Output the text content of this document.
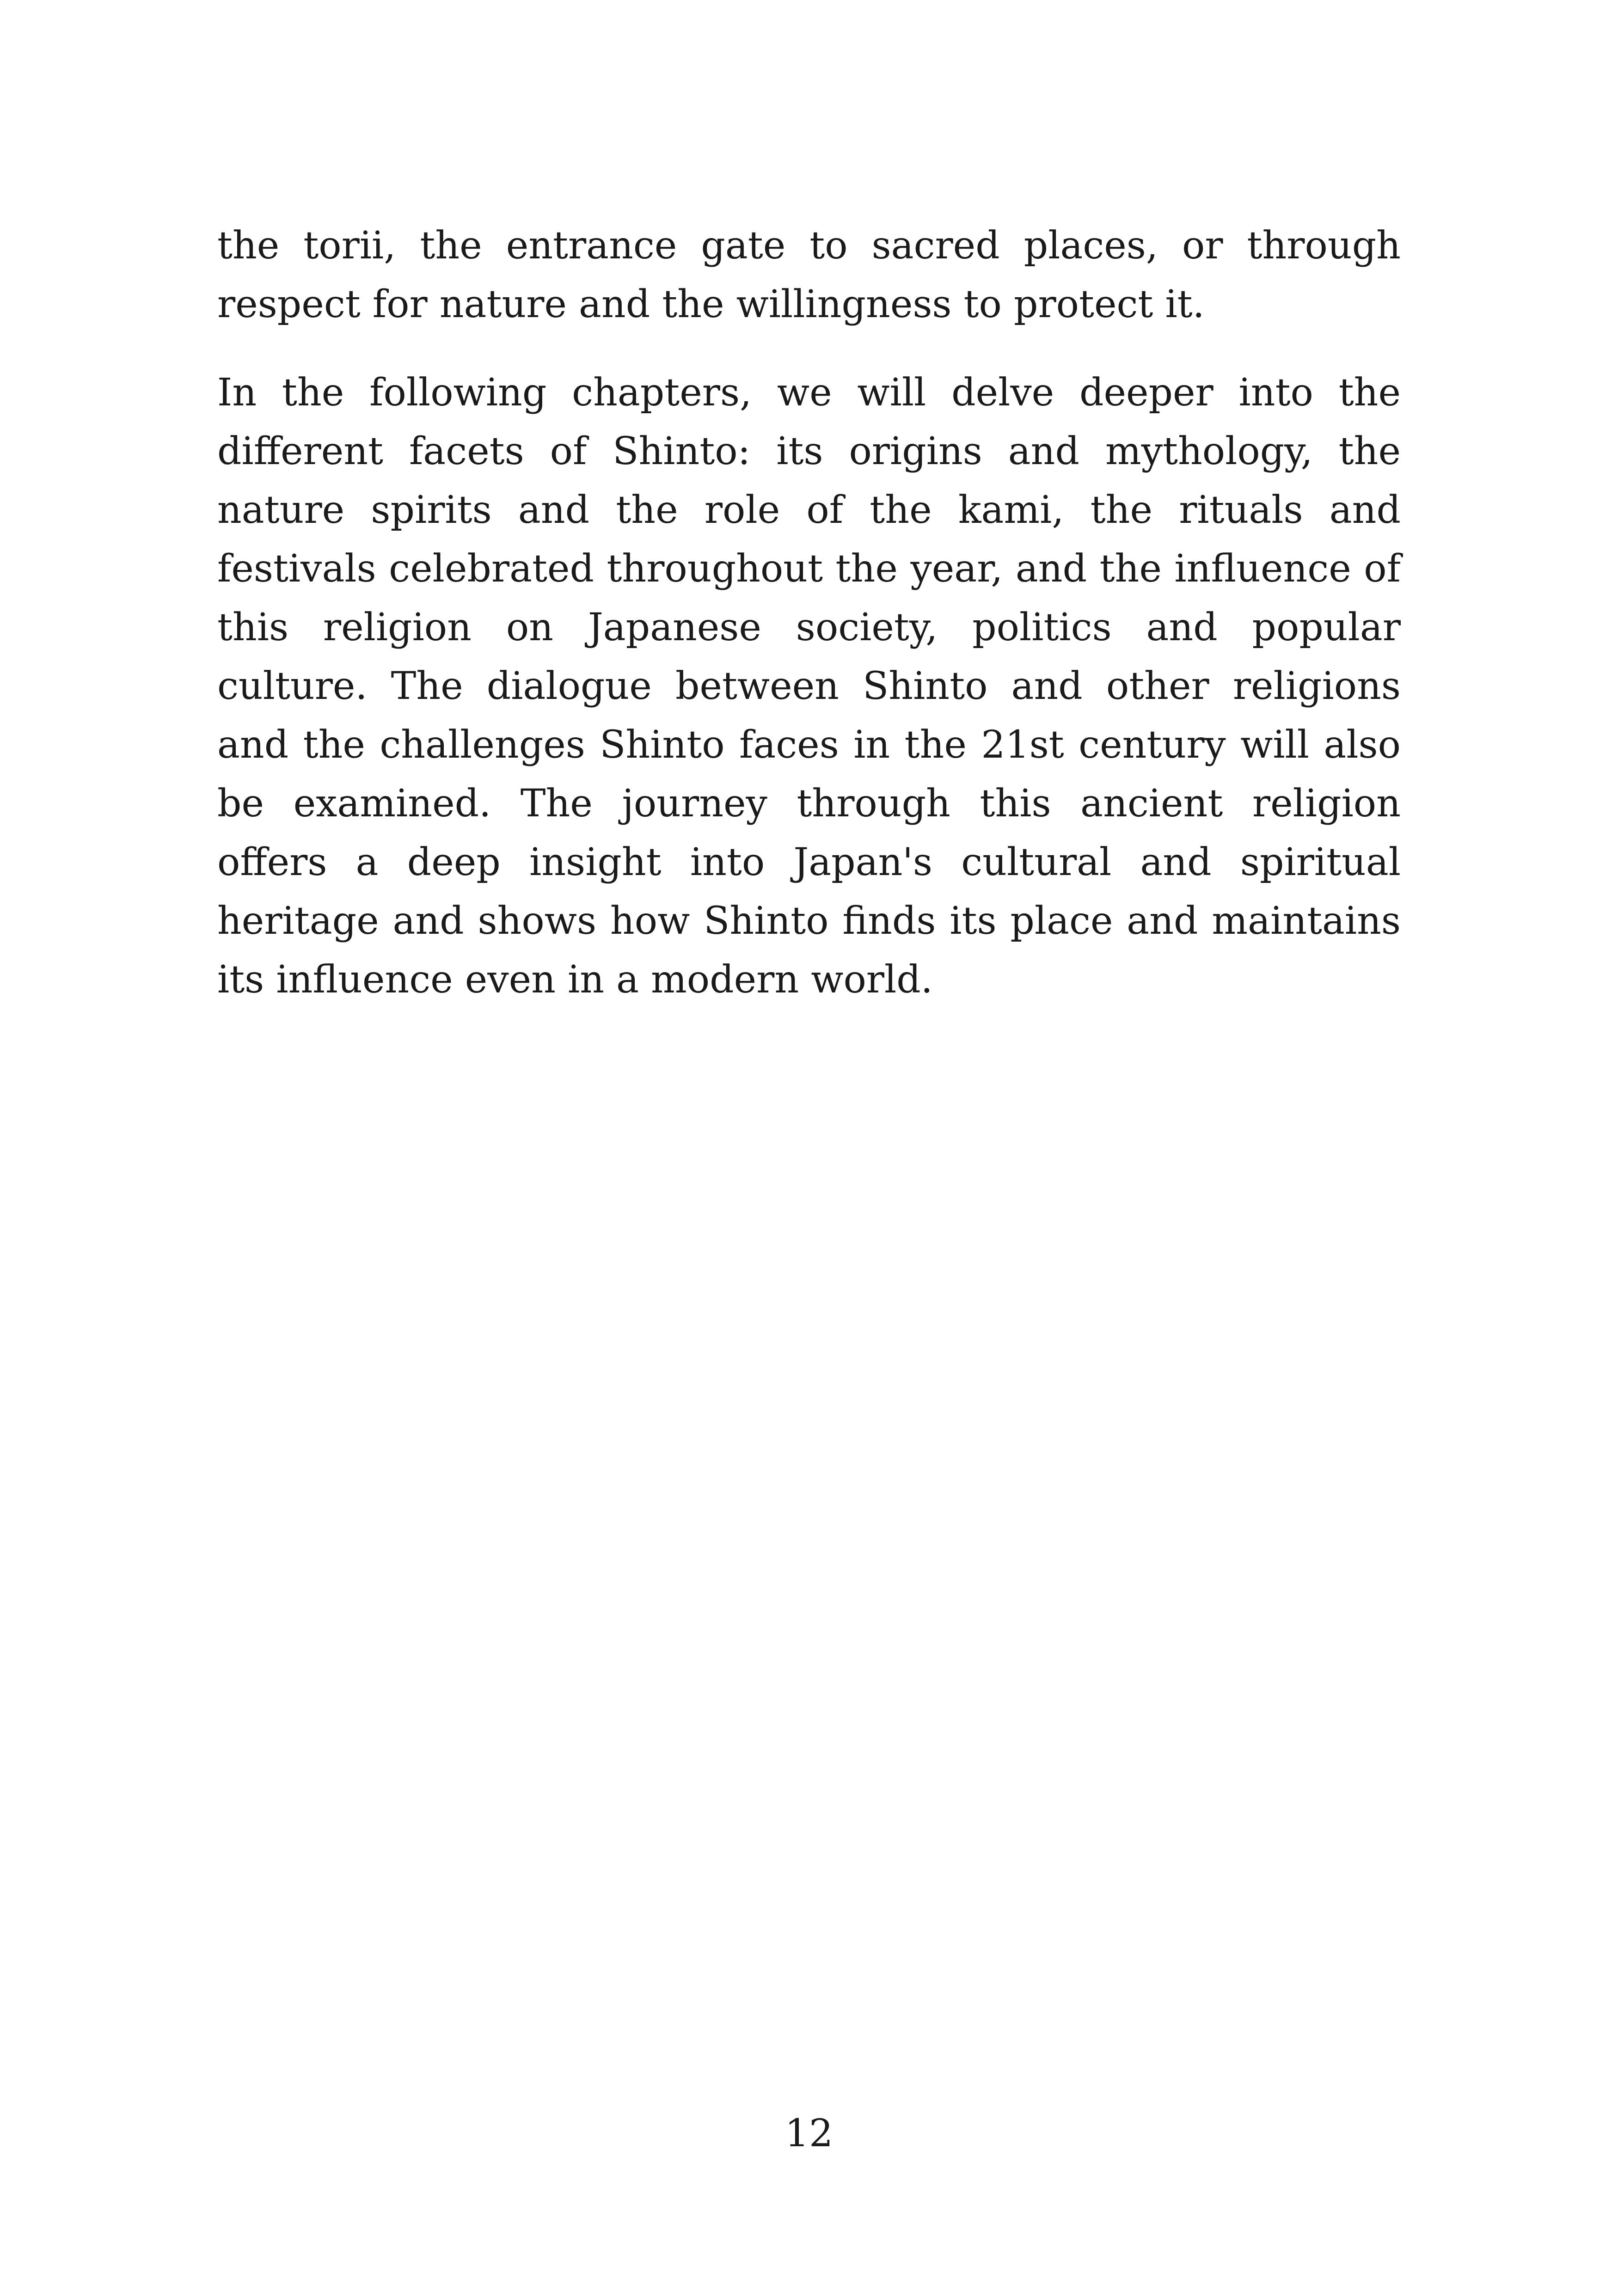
the torii, the entrance gate to sacred places, or through respect for nature and the willingness to protect it.

In the following chapters, we will delve deeper into the different facets of Shinto: its origins and mythology, the nature spirits and the role of the kami, the rituals and festivals celebrated throughout the year, and the influence of this religion on Japanese society, politics and popular culture. The dialogue between Shinto and other religions and the challenges Shinto faces in the 21st century will also be examined. The journey through this ancient religion offers a deep insight into Japan's cultural and spiritual heritage and shows how Shinto finds its place and maintains its influence even in a modern world.

12
